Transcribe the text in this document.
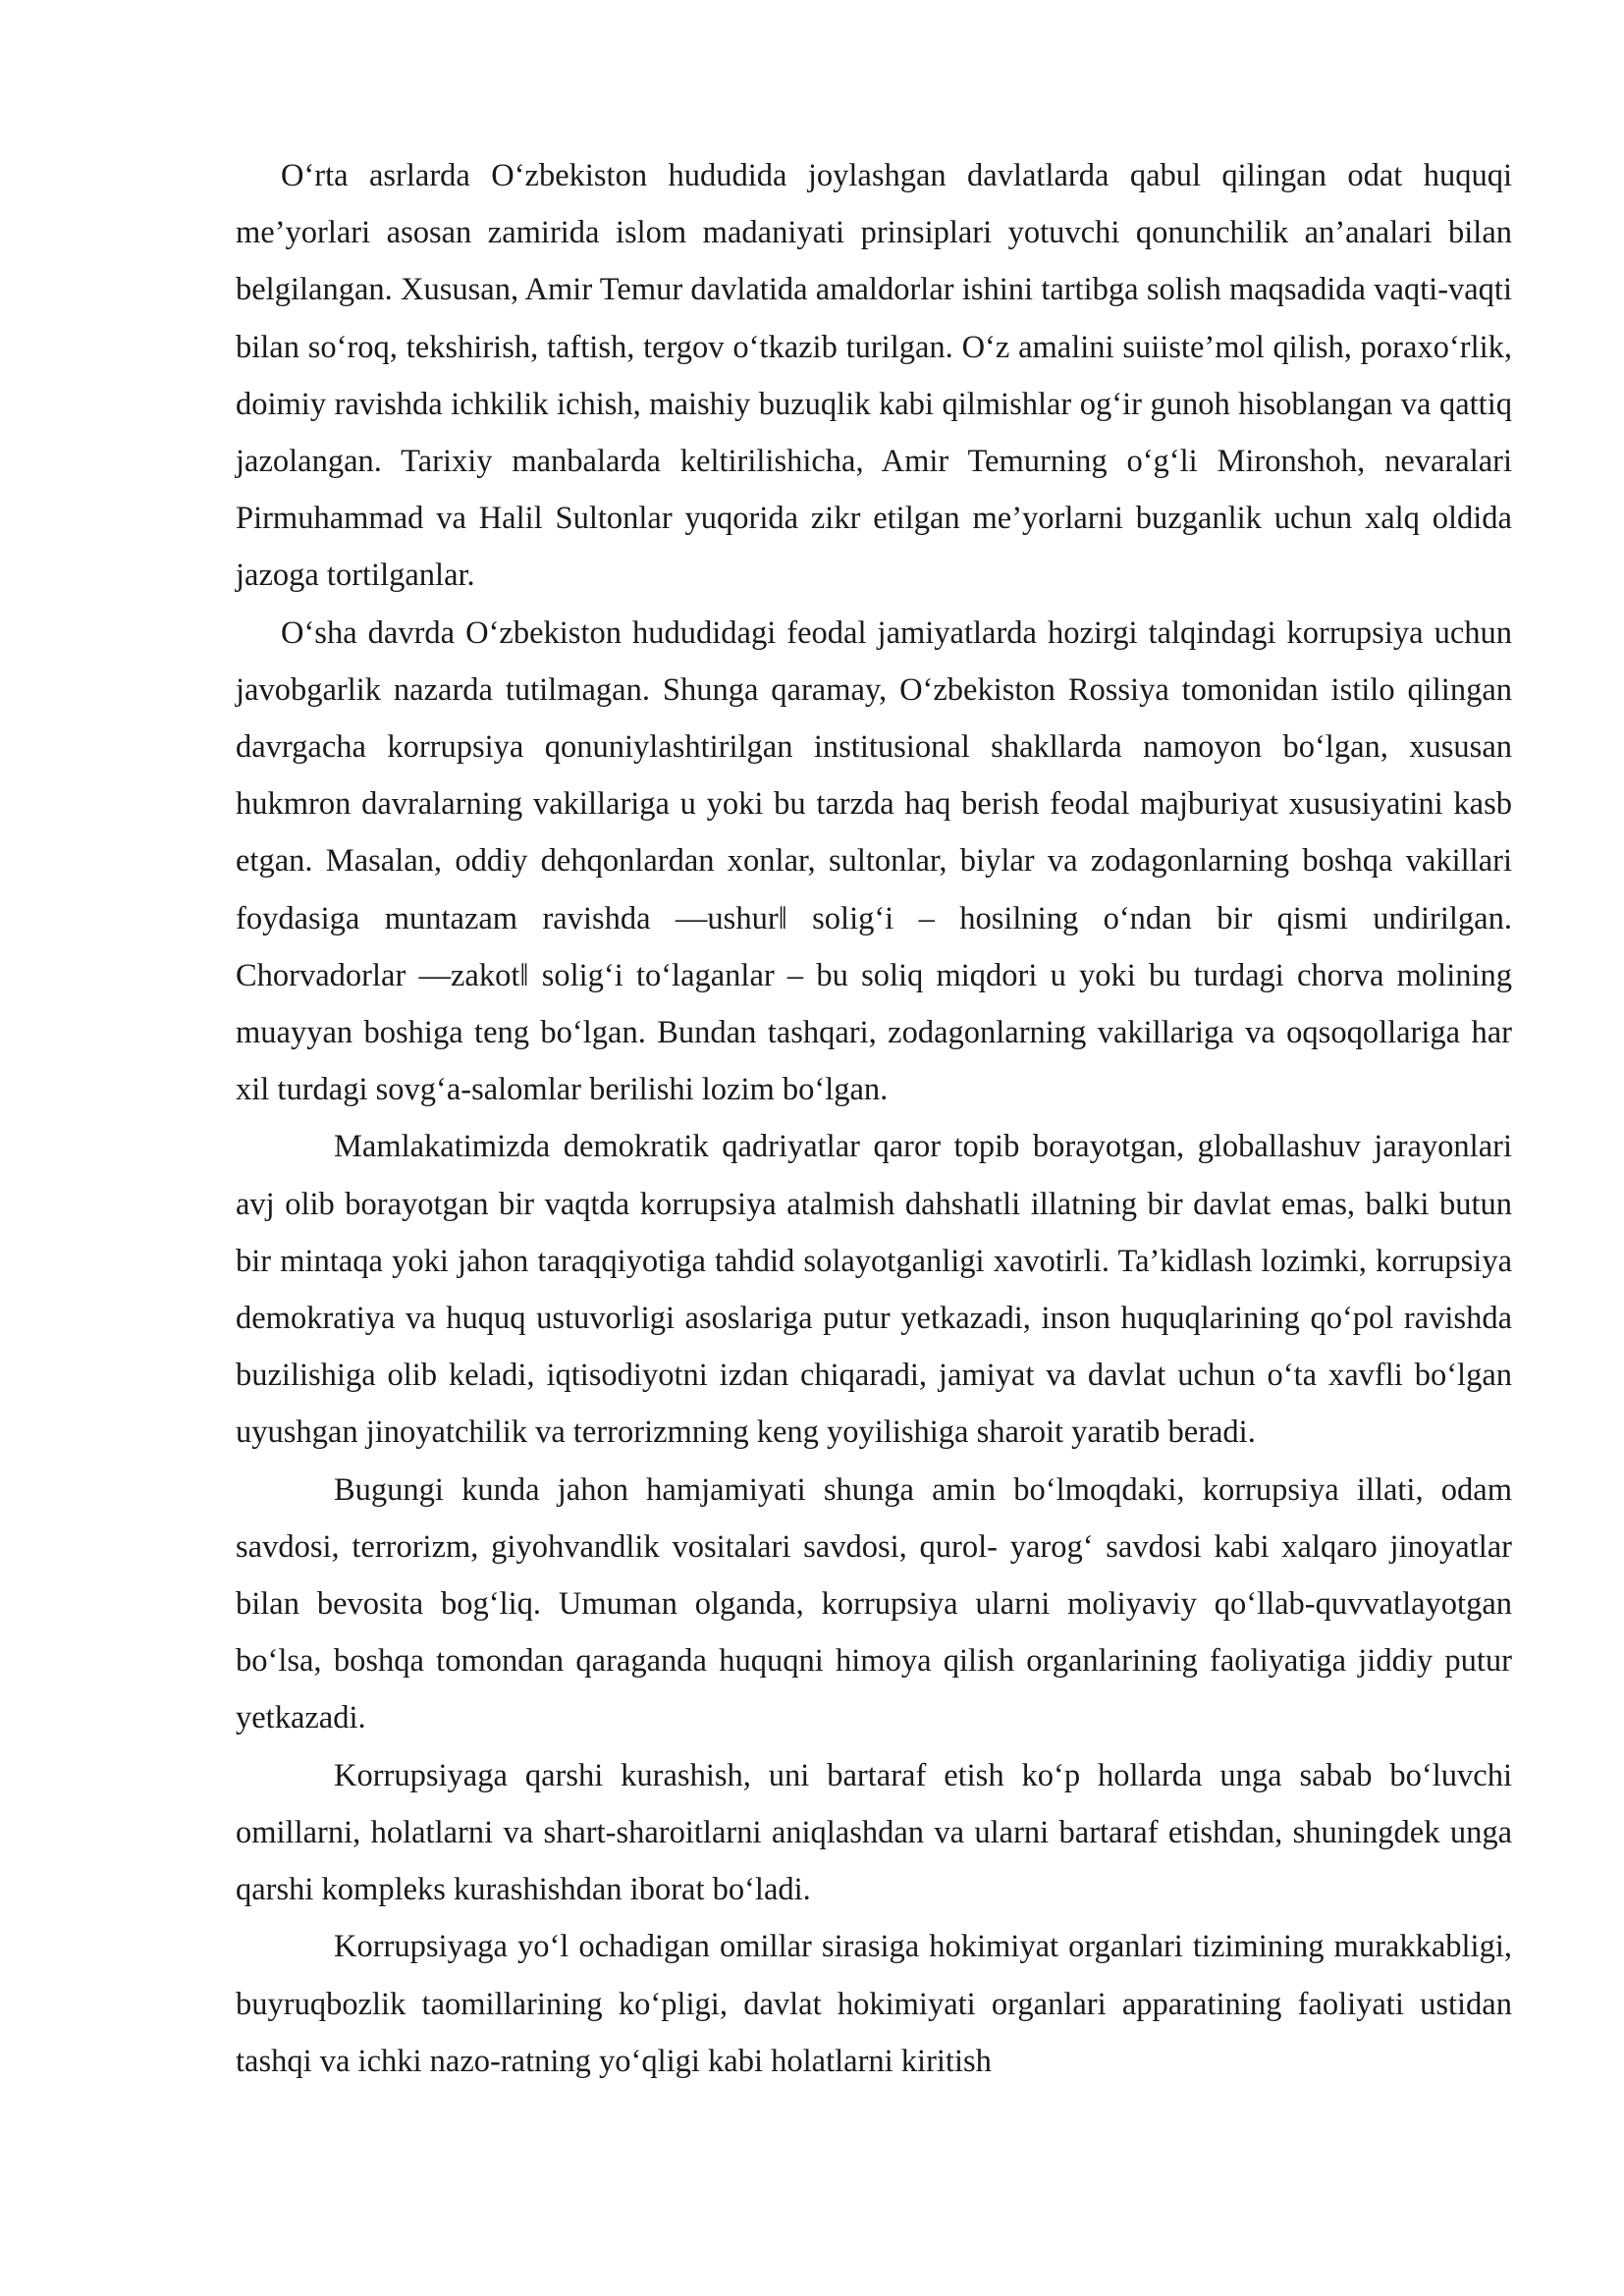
O‘rta asrlarda O‘zbekiston hududida joylashgan davlatlarda qabul qilingan odat huquqi me’yorlari asosan zamirida islom madaniyati prinsiplari yotuvchi qonunchilik an’analari bilan belgilangan. Xususan, Amir Temur davlatida amaldorlar ishini tartibga solish maqsadida vaqti-vaqti bilan so‘roq, tekshirish, taftish, tergov o‘tkazib turilgan. O‘z amalini suiiste’mol qilish, poraxo‘rlik, doimiy ravishda ichkilik ichish, maishiy buzuqlik kabi qilmishlar og‘ir gunoh hisoblangan va qattiq jazolangan. Tarixiy manbalarda keltirilishicha, Amir Temurning o‘g‘li Mironshoh, nevaralari Pirmuhammad va Halil Sultonlar yuqorida zikr etilgan me’yorlarni buzganlik uchun xalq oldida jazoga tortilganlar.

O‘sha davrda O‘zbekiston hududidagi feodal jamiyatlarda hozirgi talqindagi korrupsiya uchun javobgarlik nazarda tutilmagan. Shunga qaramay, O‘zbekiston Rossiya tomonidan istilo qilingan davrgacha korrupsiya qonuniylashtirilgan institusional shakllarda namoyon bo‘lgan, xususan hukmron davralarning vakillariga u yoki bu tarzda haq berish feodal majburiyat xususiyatini kasb etgan. Masalan, oddiy dehqonlardan xonlar, sultonlar, biylar va zodagonlarning boshqa vakillari foydasiga muntazam ravishda ―ushur‖ solig‘i – hosilning o‘ndan bir qismi undirilgan. Chorvadorlar ―zakot‖ solig‘i to‘laganlar – bu soliq miqdori u yoki bu turdagi chorva molining muayyan boshiga teng bo‘lgan. Bundan tashqari, zodagonlarning vakillariga va oqsoqollariga har xil turdagi sovg‘a-salomlar berilishi lozim bo‘lgan.

Mamlakatimizda demokratik qadriyatlar qaror topib borayotgan, globallashuv jarayonlari avj olib borayotgan bir vaqtda korrupsiya atalmish dahshatli illatning bir davlat emas, balki butun bir mintaqa yoki jahon taraqqiyotiga tahdid solayotganligi xavotirli. Ta’kidlash lozimki, korrupsiya demokratiya va huquq ustuvorligi asoslariga putur yetkazadi, inson huquqlarining qo‘pol ravishda buzilishiga olib keladi, iqtisodiyotni izdan chiqaradi, jamiyat va davlat uchun o‘ta xavfli bo‘lgan uyushgan jinoyatchilik va terrorizmning keng yoyilishiga sharoit yaratib beradi.

Bugungi kunda jahon hamjamiyati shunga amin bo‘lmoqdaki, korrupsiya illati, odam savdosi, terrorizm, giyohvandlik vositalari savdosi, qurol- yarog‘ savdosi kabi xalqaro jinoyatlar bilan bevosita bog‘liq. Umuman olganda, korrupsiya ularni moliyaviy qo‘llab-quvvatlayotgan bo‘lsa, boshqa tomondan qaraganda huquqni himoya qilish organlarining faoliyatiga jiddiy putur yetkazadi.

Korrupsiyaga qarshi kurashish, uni bartaraf etish ko‘p hollarda unga sabab bo‘luvchi omillarni, holatlarni va shart-sharoitlarni aniqlashdan va ularni bartaraf etishdan, shuningdek unga qarshi kompleks kurashishdan iborat bo‘ladi.

Korrupsiyaga yo‘l ochadigan omillar sirasiga hokimiyat organlari tizimining murakkabligi, buyruqbozlik taomillarining ko‘pligi, davlat hokimiyati organlari apparatining faoliyati ustidan tashqi va ichki nazo-ratning yo‘qligi kabi holatlarni kiritish
